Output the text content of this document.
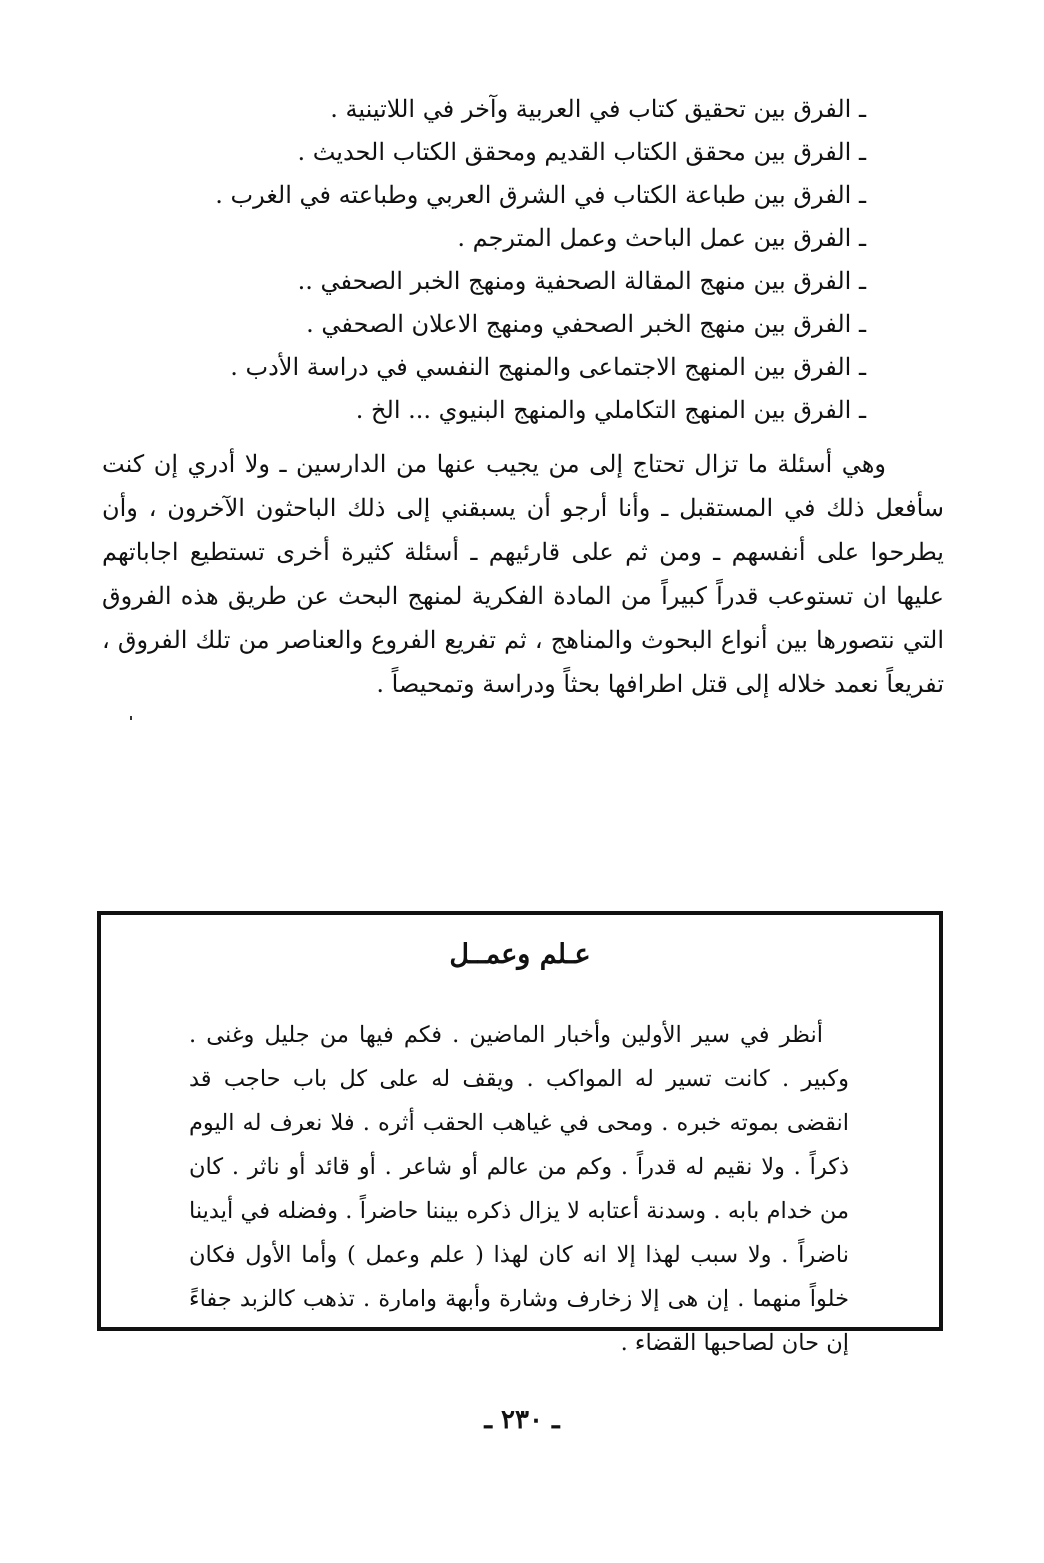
ـ الفرق بين تحقيق كتاب في العربية وآخر في اللاتينية .
ـ الفرق بين محقق الكتاب القديم ومحقق الكتاب الحديث .
ـ الفرق بين طباعة الكتاب في الشرق العربي وطباعته في الغرب .
ـ الفرق بين عمل الباحث وعمل المترجم .
ـ الفرق بين منهج المقالة الصحفية ومنهج الخبر الصحفي ..
ـ الفرق بين منهج الخبر الصحفي ومنهج الاعلان الصحفي .
ـ الفرق بين المنهج الاجتماعى والمنهج النفسي في دراسة الأدب .
ـ الفرق بين المنهج التكاملي والمنهج البنيوي ... الخ .

وهي أسئلة ما تزال تحتاج إلى من يجيب عنها من الدارسين ـ ولا أدري إن كنت سأفعل ذلك في المستقبل ـ وأنا أرجو أن يسبقني إلى ذلك الباحثون الآخرون ، وأن يطرحوا على أنفسهم ـ ومن ثم على قارئيهم ـ أسئلة كثيرة أخرى تستطيع اجاباتهم عليها ان تستوعب قدراً كبيراً من المادة الفكرية لمنهج البحث عن طريق هذه الفروق التي نتصورها بين أنواع البحوث والمناهج ، ثم تفريع الفروع والعناصر من تلك الفروق ، تفريعاً نعمد خلاله إلى قتل اطرافها بحثاً ودراسة وتمحيصاً .

عـلم وعمــل

أنظر في سير الأولين وأخبار الماضين . فكم فيها من جليل وغنى . وكبير . كانت تسير له المواكب . ويقف له على كل باب حاجب قد انقضى بموته خبره . ومحى في غياهب الحقب أثره . فلا نعرف له اليوم ذكراً . ولا نقيم له قدراً . وكم من عالم أو شاعر . أو قائد أو ناثر . كان من خدام بابه . وسدنة أعتابه لا يزال ذكره بيننا حاضراً . وفضله في أيدينا ناضراً . ولا سبب لهذا إلا انه كان لهذا ( علم وعمل ) وأما الأول فكان خلواً منهما . إن هى إلا زخارف وشارة وأبهة وامارة . تذهب كالزبد جفاءً إن حان لصاحبها القضاء .

ـ ٢٣٠ ـ
